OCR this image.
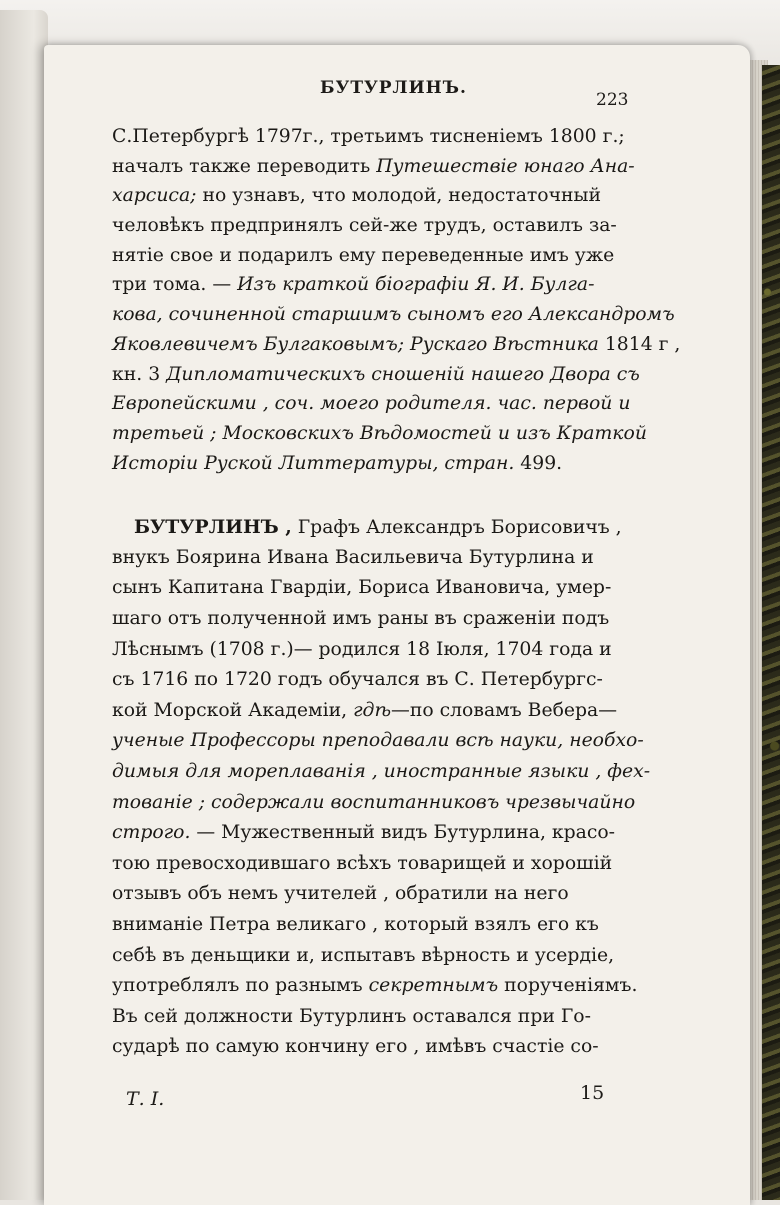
БУТУРЛИНЪ.
223
С.Петербургѣ 1797г., третьимъ тисненіемъ 1800 г.;
началъ также переводить Путешествіе юнаго Ана-
харсиса; но узнавъ, что молодой, недостаточный
человѣкъ предпринялъ сей-же трудъ, оставилъ за-
нятіе свое и подарилъ ему переведенные имъ уже
три тома. — Изъ краткой біографіи Я. И. Булга-
кова, сочиненной старшимъ сыномъ его Александромъ
Яковлевичемъ Булгаковымъ; Рускаго Вѣстника 1814 г ,
кн. 3 Дипломатическихъ сношеній нашего Двора съ
Европейскими , соч. моего родителя. час. первой и
третьей ; Московскихъ Вѣдомостей и изъ Краткой
Исторіи Руской Литтературы, стран. 499.
БУТУРЛИНЪ , Графъ Александръ Борисовичъ ,
внукъ Боярина Ивана Васильевича Бутурлина и
сынъ Капитана Гвардіи, Бориса Ивановича, умер-
шаго отъ полученной имъ раны въ сраженіи подъ
Лѣснымъ (1708 г.)— родился 18 Іюля, 1704 года и
съ 1716 по 1720 годъ обучался въ С. Петербургс-
кой Морской Академіи, гдѣ—по словамъ Вебера—
ученые Профессоры преподавали всѣ науки, необхо-
димыя для мореплаванія , иностранные языки , фех-
тованіе ; содержали воспитанниковъ чрезвычайно
строго. — Мужественный видъ Бутурлина, красо-
тою превосходившаго всѣхъ товарищей и хорошій
отзывъ объ немъ учителей , обратили на него
вниманіе Петра великаго , который взялъ его къ
себѣ въ деньщики и, испытавъ вѣрность и усердіе,
употреблялъ по разнымъ секретнымъ порученіямъ.
Въ сей должности Бутурлинъ оставался при Го-
сударѣ по самую кончину его , имѣвъ счастіе со-
Т. I.	15
